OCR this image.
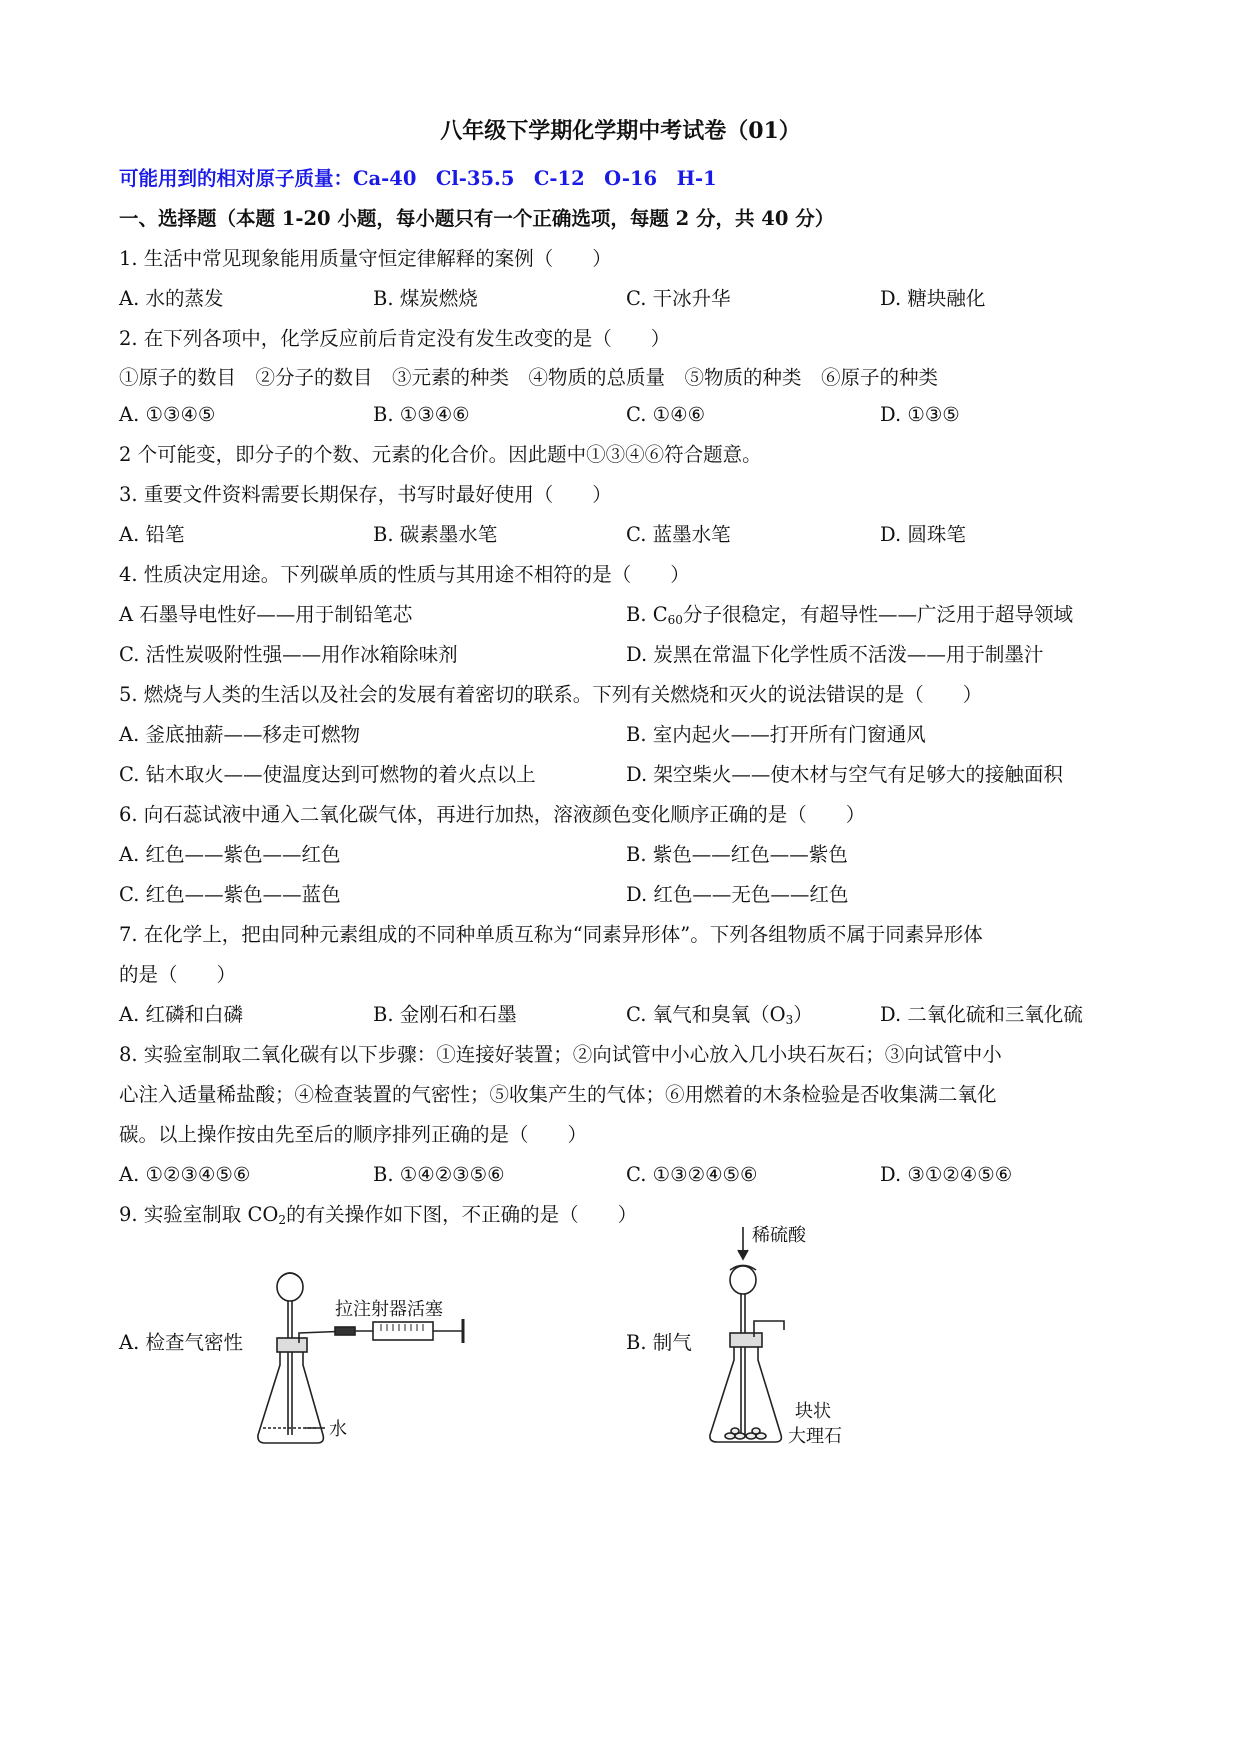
八年级下学期化学期中考试卷（01）
可能用到的相对原子质量：Ca-40　Cl-35.5　C-12　O-16　H-1
一、选择题（本题 1-20 小题，每小题只有一个正确选项，每题 2 分，共 40 分）
1. 生活中常见现象能用质量守恒定律解释的案例（　　）
A. 水的蒸发	B. 煤炭燃烧	C. 干冰升华	D. 糖块融化
2. 在下列各项中，化学反应前后肯定没有发生改变的是（　　）
①原子的数目　②分子的数目　③元素的种类　④物质的总质量　⑤物质的种类　⑥原子的种类
A. ①③④⑤	B. ①③④⑥	C. ①④⑥	D. ①③⑤
2 个可能变，即分子的个数、元素的化合价。因此题中①③④⑥符合题意。
3. 重要文件资料需要长期保存，书写时最好使用（　　）
A. 铅笔	B. 碳素墨水笔	C. 蓝墨水笔	D. 圆珠笔
4. 性质决定用途。下列碳单质的性质与其用途不相符的是（　　）
A 石墨导电性好——用于制铅笔芯	B. $C_{60}$分子很稳定，有超导性——广泛用于超导领域
C. 活性炭吸附性强——用作冰箱除味剂	D. 炭黑在常温下化学性质不活泼——用于制墨汁
5. 燃烧与人类的生活以及社会的发展有着密切的联系。下列有关燃烧和灭火的说法错误的是（　　）
A. 釜底抽薪——移走可燃物	B. 室内起火——打开所有门窗通风
C. 钻木取火——使温度达到可燃物的着火点以上	D. 架空柴火——使木材与空气有足够大的接触面积
6. 向石蕊试液中通入二氧化碳气体，再进行加热，溶液颜色变化顺序正确的是（　　）
A. 红色——紫色——红色	B. 紫色——红色——紫色
C. 红色——紫色——蓝色	D. 红色——无色——红色
7. 在化学上，把由同种元素组成的不同种单质互称为“同素异形体”。下列各组物质不属于同素异形体
的是（　　）
A. 红磷和白磷	B. 金刚石和石墨	C. 氧气和臭氧$(O_3)$	D. 二氧化硫和三氧化硫
8. 实验室制取二氧化碳有以下步骤：①连接好装置；②向试管中小心放入几小块石灰石；③向试管中小
心注入适量稀盐酸；④检查装置的气密性；⑤收集产生的气体；⑥用燃着的木条检验是否收集满二氧化
碳。以上操作按由先至后的顺序排列正确的是（　　）
A. ①②③④⑤⑥	B. ①④②③⑤⑥	C. ①③②④⑤⑥	D. ③①②④⑤⑥
9. 实验室制取 $CO_2$的有关操作如下图，不正确的是（　　）
A. 检查气密性	B. 制气
拉注射器活塞
水
稀硫酸
块状
大理石
